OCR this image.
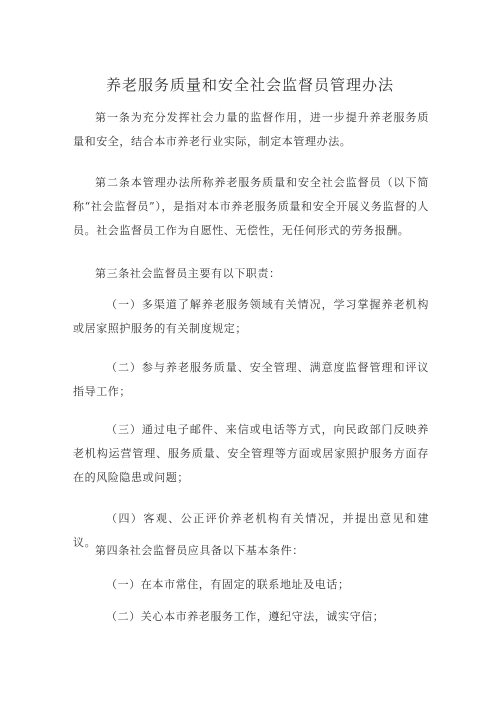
养老服务质量和安全社会监督员管理办法

第一条为充分发挥社会力量的监督作用，进一步提升养老服务质量和安全，结合本市养老行业实际，制定本管理办法。

第二条本管理办法所称养老服务质量和安全社会监督员（以下简称“社会监督员”），是指对本市养老服务质量和安全开展义务监督的人员。社会监督员工作为自愿性、无偿性，无任何形式的劳务报酬。

第三条社会监督员主要有以下职责：

（一）多渠道了解养老服务领域有关情况，学习掌握养老机构或居家照护服务的有关制度规定；

（二）参与养老服务质量、安全管理、满意度监督管理和评议指导工作；

（三）通过电子邮件、来信或电话等方式，向民政部门反映养老机构运营管理、服务质量、安全管理等方面或居家照护服务方面存在的风险隐患或问题；

（四）客观、公正评价养老机构有关情况，并提出意见和建议。

第四条社会监督员应具备以下基本条件：

（一）在本市常住，有固定的联系地址及电话；

（二）关心本市养老服务工作，遵纪守法，诚实守信；
